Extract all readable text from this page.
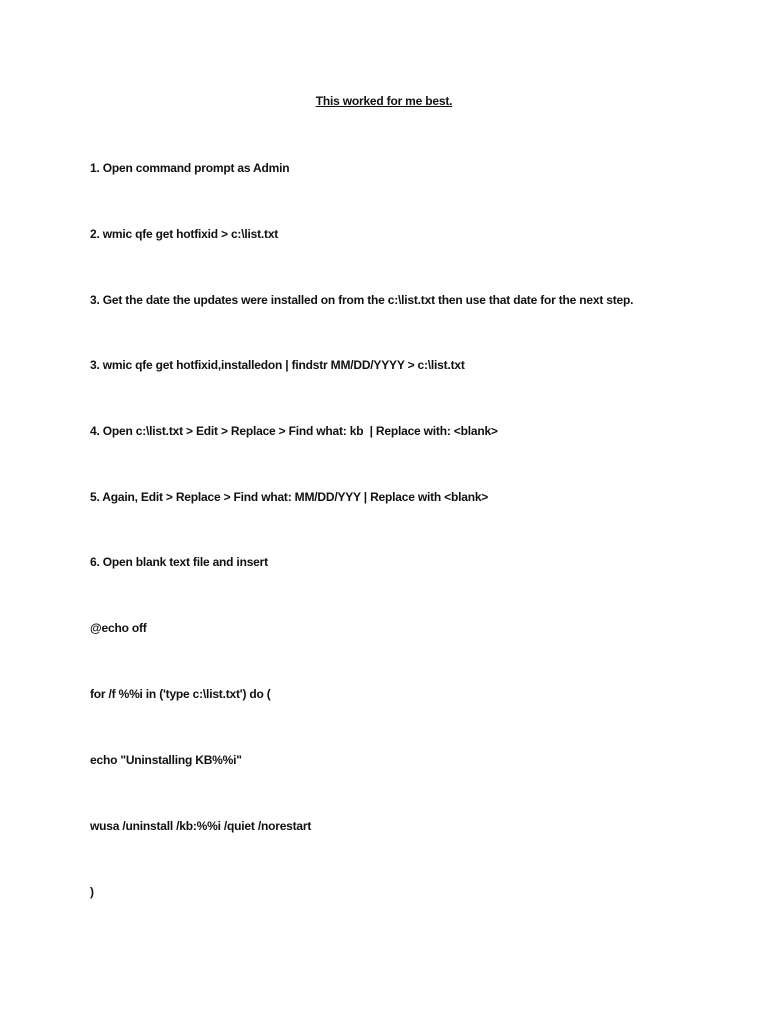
This worked for me best.
1. Open command prompt as Admin
2. wmic qfe get hotfixid > c:\list.txt
3. Get the date the updates were installed on from the c:\list.txt then use that date for the next step.
3. wmic qfe get hotfixid,installedon | findstr MM/DD/YYYY > c:\list.txt
4. Open c:\list.txt > Edit > Replace > Find what: kb  | Replace with: <blank>
5. Again, Edit > Replace > Find what: MM/DD/YYY | Replace with <blank>
6. Open blank text file and insert
@echo off
for /f %%i in ('type c:\list.txt') do (
echo "Uninstalling KB%%i"
wusa /uninstall /kb:%%i /quiet /norestart
)
